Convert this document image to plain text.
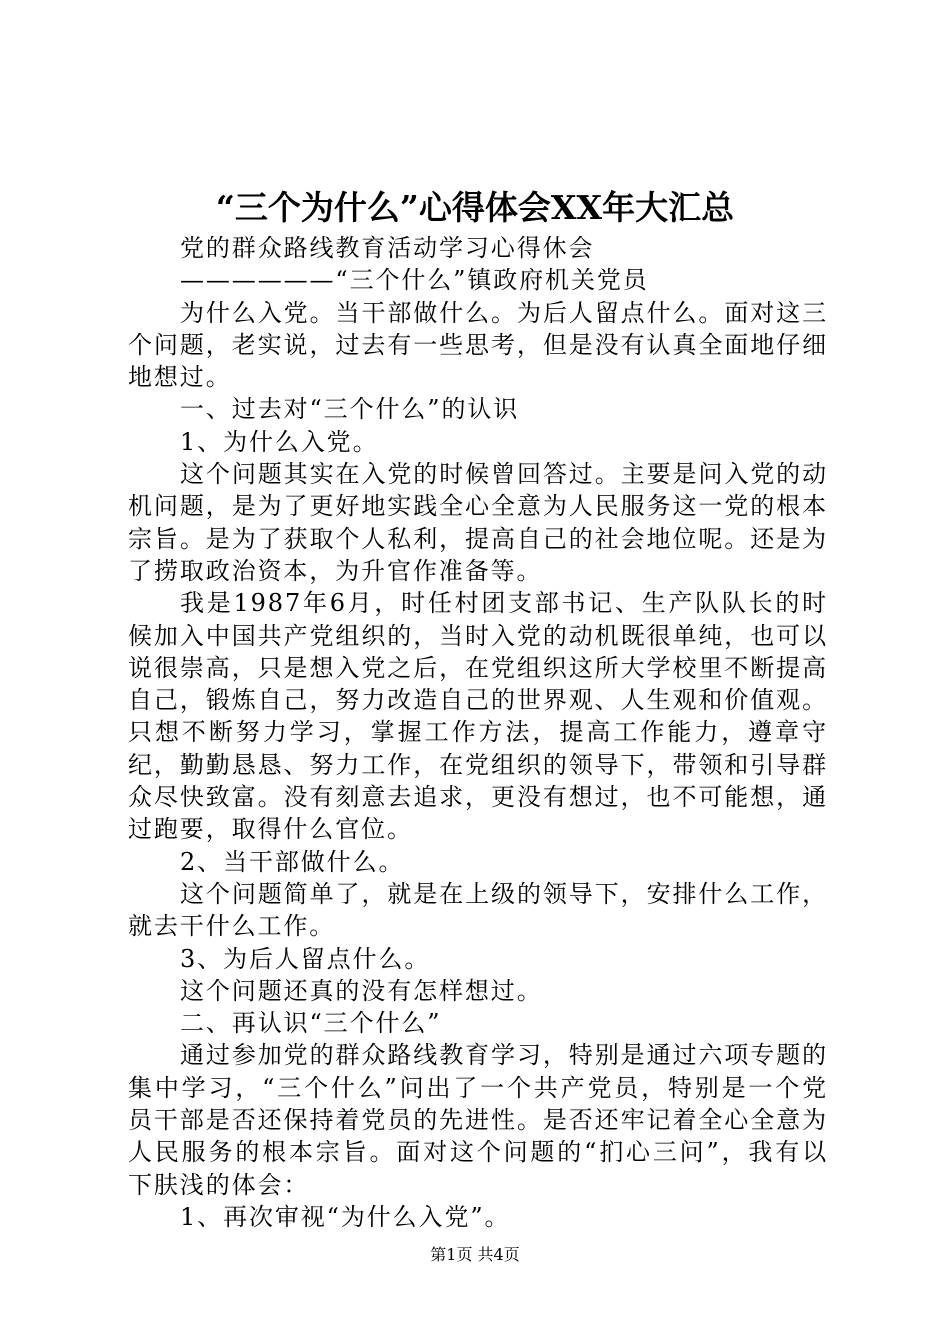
“三个为什么”心得体会XX年大汇总

党的群众路线教育活动学习心得休会

——————“三个什么”镇政府机关党员

为什么入党。当干部做什么。为后人留点什么。面对这三个问题，老实说，过去有一些思考，但是没有认真全面地仔细地想过。

一、过去对“三个什么”的认识

1、为什么入党。

这个问题其实在入党的时候曾回答过。主要是问入党的动机问题，是为了更好地实践全心全意为人民服务这一党的根本宗旨。是为了获取个人私利，提高自己的社会地位呢。还是为了捞取政治资本，为升官作准备等。

我是1987年6月，时任村团支部书记、生产队队长的时候加入中国共产党组织的，当时入党的动机既很单纯，也可以说很崇高，只是想入党之后，在党组织这所大学校里不断提高自己，锻炼自己，努力改造自己的世界观、人生观和价值观。只想不断努力学习，掌握工作方法，提高工作能力，遵章守纪，勤勤恳恳、努力工作，在党组织的领导下，带领和引导群众尽快致富。没有刻意去追求，更没有想过，也不可能想，通过跑要，取得什么官位。

2、当干部做什么。

这个问题简单了，就是在上级的领导下，安排什么工作，就去干什么工作。

3、为后人留点什么。

这个问题还真的没有怎样想过。

二、再认识“三个什么”

通过参加党的群众路线教育学习，特别是通过六项专题的集中学习，“三个什么”问出了一个共产党员，特别是一个党员干部是否还保持着党员的先进性。是否还牢记着全心全意为人民服务的根本宗旨。面对这个问题的“扪心三问”，我有以下肤浅的体会：

1、再次审视“为什么入党”。

第1页 共4页
